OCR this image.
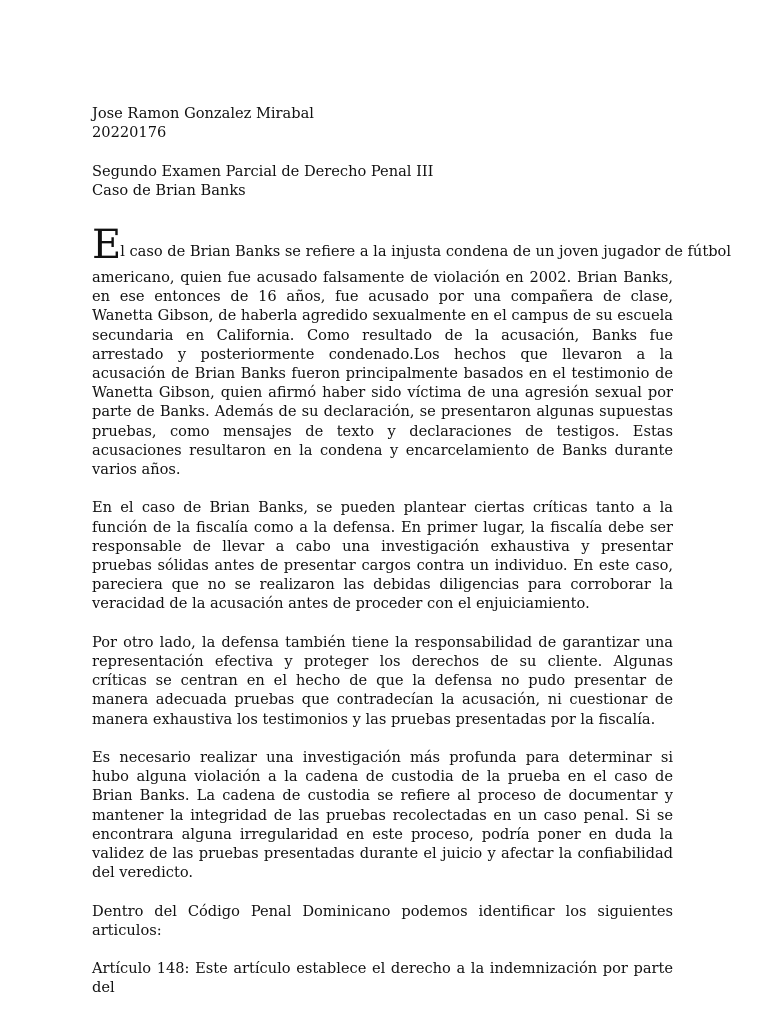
Jose Ramon Gonzalez Mirabal

20220176

Segundo Examen Parcial de Derecho Penal III

Caso de Brian Banks

El caso de Brian Banks se refiere a la injusta condena de un joven jugador de fútbol
americano, quien fue acusado falsamente de violación en 2002. Brian Banks, en ese entonces de 16 años, fue acusado por una compañera de clase, Wanetta Gibson, de haberla agredido sexualmente en el campus de su escuela secundaria en California. Como resultado de la acusación, Banks fue arrestado y posteriormente condenado.Los hechos que llevaron a la acusación de Brian Banks fueron principalmente basados en el testimonio de Wanetta Gibson, quien afirmó haber sido víctima de una agresión sexual por parte de Banks. Además de su declaración, se presentaron algunas supuestas pruebas, como mensajes de texto y declaraciones de testigos. Estas acusaciones resultaron en la condena y encarcelamiento de Banks durante varios años.

En el caso de Brian Banks, se pueden plantear ciertas críticas tanto a la función de la fiscalía como a la defensa. En primer lugar, la fiscalía debe ser responsable de llevar a cabo una investigación exhaustiva y presentar pruebas sólidas antes de presentar cargos contra un individuo. En este caso, pareciera que no se realizaron las debidas diligencias para corroborar la veracidad de la acusación antes de proceder con el enjuiciamiento.

Por otro lado, la defensa también tiene la responsabilidad de garantizar una representación efectiva y proteger los derechos de su cliente. Algunas críticas se centran en el hecho de que la defensa no pudo presentar de manera adecuada pruebas que contradecían la acusación, ni cuestionar de manera exhaustiva los testimonios y las pruebas presentadas por la fiscalía.

Es necesario realizar una investigación más profunda para determinar si hubo alguna violación a la cadena de custodia de la prueba en el caso de Brian Banks. La cadena de custodia se refiere al proceso de documentar y mantener la integridad de las pruebas recolectadas en un caso penal. Si se encontrara alguna irregularidad en este proceso, podría poner en duda la validez de las pruebas presentadas durante el juicio y afectar la confiabilidad del veredicto.

Dentro del Código Penal Dominicano podemos identificar los siguientes articulos:

Artículo 148: Este artículo establece el derecho a la indemnización por parte del
